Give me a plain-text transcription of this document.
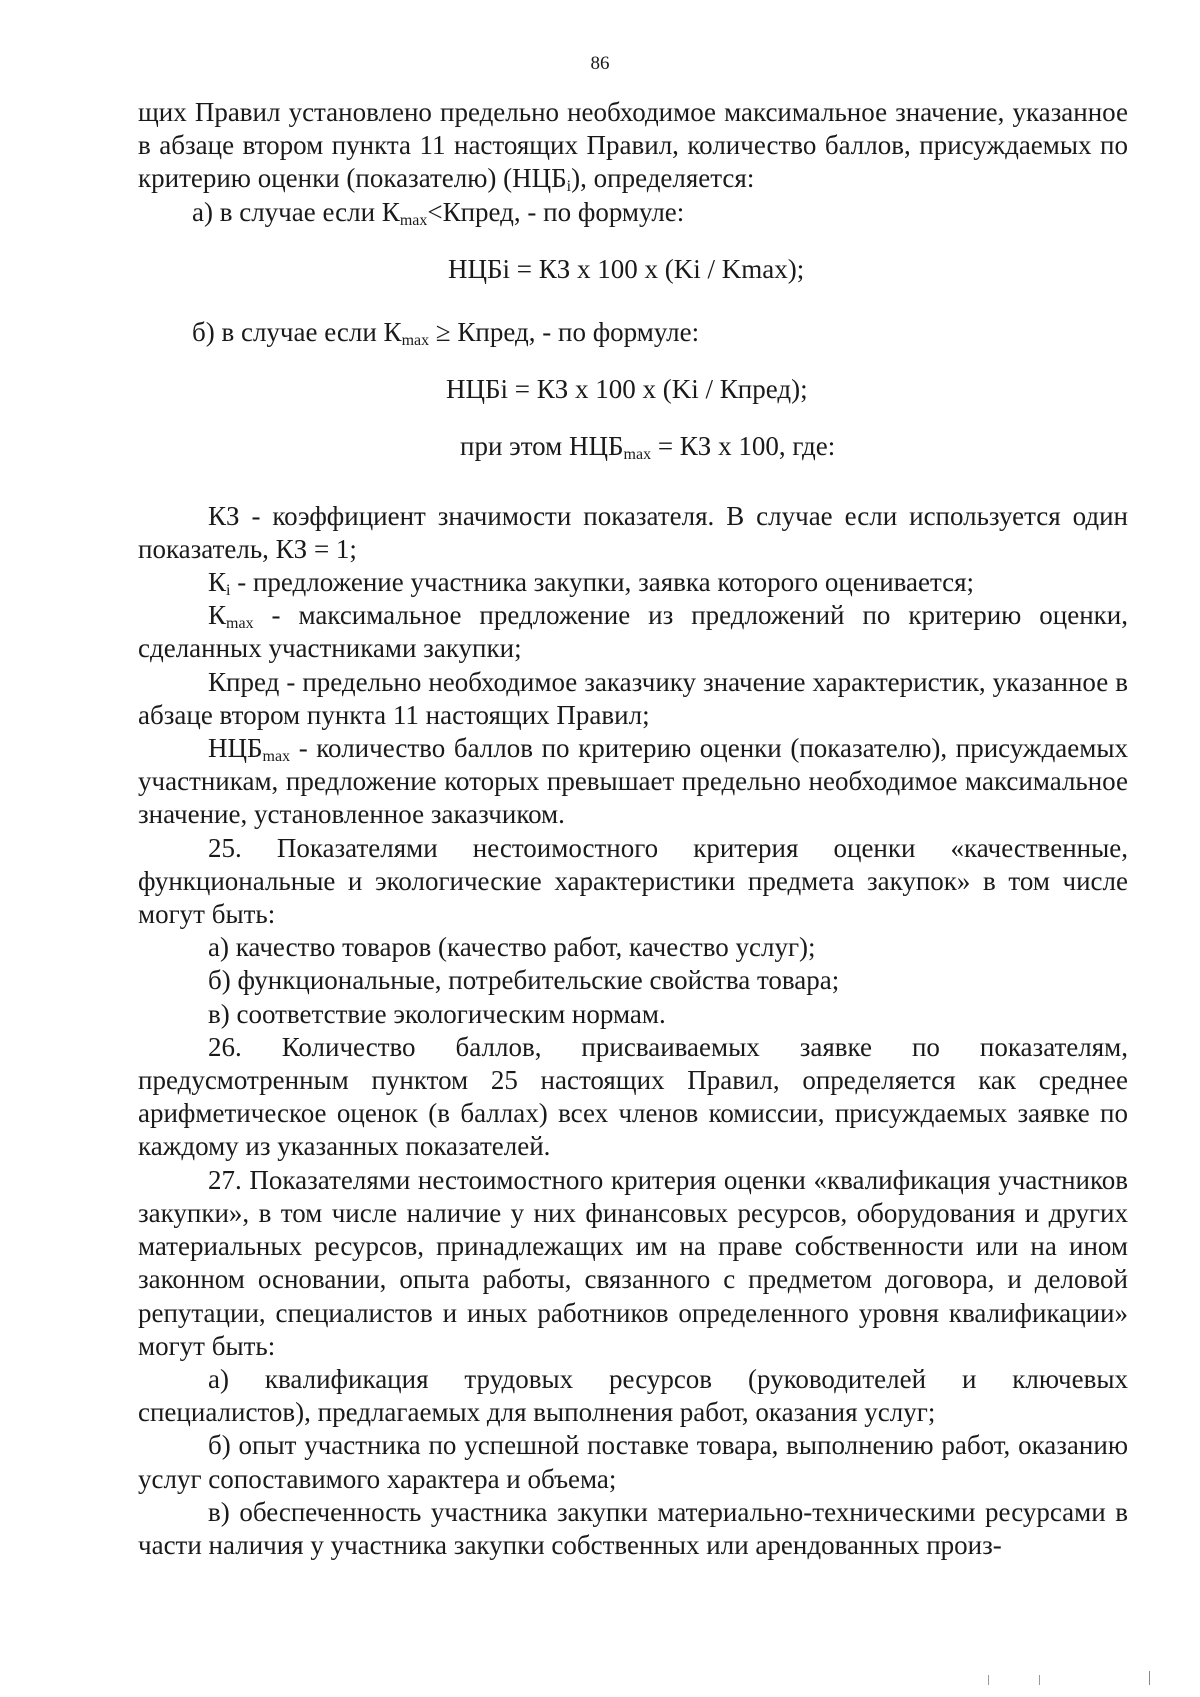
86

щих Правил установлено предельно необходимое максимальное значение, указанное в абзаце втором пункта 11 настоящих Правил, количество баллов, присуждаемых по критерию оценки (показателю) $(НЦБ_i)$, определяется:

а) в случае если $К_{max}<Кпред$, - по формуле:

НЦБi = КЗ x 100 x (Ki / Kmax);

б) в случае если $К_{max}$ ≥ Кпред, - по формуле:

НЦБi = КЗ x 100 x (Ki / Кпред);

при этом $НЦБ_{max}$ = КЗ x 100, где:

КЗ - коэффициент значимости показателя. В случае если используется один показатель, КЗ = 1;

$К_i$ - предложение участника закупки, заявка которого оценивается;

$К_{max}$ - максимальное предложение из предложений по критерию оценки, сделанных участниками закупки;

Кпред - предельно необходимое заказчику значение характеристик, указанное в абзаце втором пункта 11 настоящих Правил;

$НЦБ_{max}$ - количество баллов по критерию оценки (показателю), присуждаемых участникам, предложение которых превышает предельно необходимое максимальное значение, установленное заказчиком.

25. Показателями нестоимостного критерия оценки «качественные, функциональные и экологические характеристики предмета закупок» в том числе могут быть:

а) качество товаров (качество работ, качество услуг);

б) функциональные, потребительские свойства товара;

в) соответствие экологическим нормам.

26. Количество баллов, присваиваемых заявке по показателям, предусмотренным пунктом 25 настоящих Правил, определяется как среднее арифметическое оценок (в баллах) всех членов комиссии, присуждаемых заявке по каждому из указанных показателей.

27. Показателями нестоимостного критерия оценки «квалификация участников закупки», в том числе наличие у них финансовых ресурсов, оборудования и других материальных ресурсов, принадлежащих им на праве собственности или на ином законном основании, опыта работы, связанного с предметом договора, и деловой репутации, специалистов и иных работников определенного уровня квалификации» могут быть:

а) квалификация трудовых ресурсов (руководителей и ключевых специалистов), предлагаемых для выполнения работ, оказания услуг;

б) опыт участника по успешной поставке товара, выполнению работ, оказанию услуг сопоставимого характера и объема;

в) обеспеченность участника закупки материально-техническими ресурсами в части наличия у участника закупки собственных или арендованных произ-
